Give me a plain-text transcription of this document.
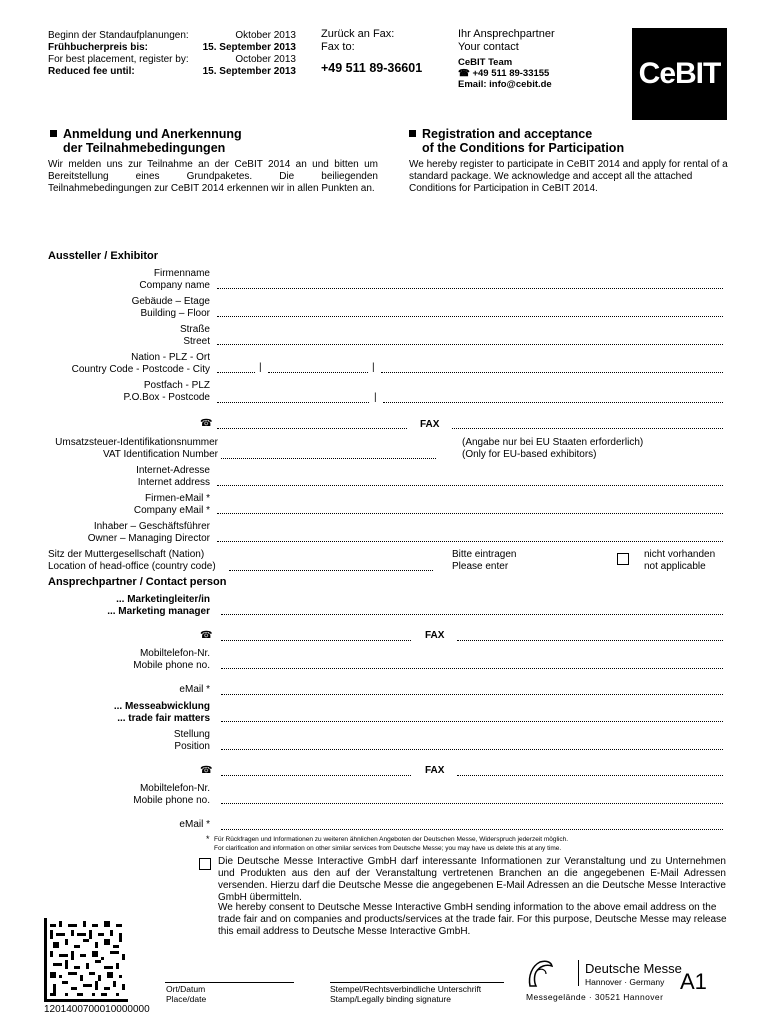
Beginn der Standaufplanungen:	Oktober 2013
Frühbucherpreis bis:	15. September 2013
For best placement, register by:	October 2013
Reduced fee until:	15. September 2013
Zurück an Fax:
Fax to:
+49 511 89-36601
Ihr Ansprechpartner
Your contact
CeBIT Team
☎ +49 511 89-33155
Email: info@cebit.de	CeBIT
Anmeldung und Anerkennung
der Teilnahmebedingungen
Wir melden uns zur Teilnahme an der CeBIT 2014 an und bitten um Bereitstellung eines Grundpaketes. Die beiliegenden Teilnahmebedingungen zur CeBIT 2014 erkennen wir in allen Punkten an.
Registration and acceptance
of the Conditions for Participation
We hereby register to participate in CeBIT 2014 and apply for rental of a standard package. We acknowledge and accept all the attached Conditions for Participation in CeBIT 2014.
Aussteller / Exhibitor
Firmenname
Company name
Gebäude – Etage
Building – Floor
Straße
Street
Nation - PLZ - Ort
Country Code - Postcode - City	|	|
Postfach - PLZ
P.O.Box - Postcode	|
☎	FAX
Umsatzsteuer-Identifikationsnummer
VAT Identification Number
(Angabe nur bei EU Staaten erforderlich)
(Only for EU-based exhibitors)
Internet-Adresse
Internet address
Firmen-eMail *
Company eMail *
Inhaber – Geschäftsführer
Owner – Managing Director
Sitz der Muttergesellschaft (Nation)
Location of head-office (country code)
Bitte eintragen
Please enter
nicht vorhanden
not applicable
Ansprechpartner / Contact person
... Marketingleiter/in
... Marketing manager
☎	FAX
Mobiltelefon-Nr.
Mobile phone no.
eMail *
... Messeabwicklung
... trade fair matters
Stellung
Position
☎	FAX
Mobiltelefon-Nr.
Mobile phone no.
eMail *
* Für Rückfragen und Informationen zu weiteren ähnlichen Angeboten der Deutschen Messe, Widerspruch jederzeit möglich.
For clarification and information on other similar services from Deutsche Messe; you may have us delete this at any time.
Die Deutsche Messe Interactive GmbH darf interessante Informationen zur Veranstaltung und zu Unternehmen und Produkten aus den auf der Veranstaltung vertretenen Branchen an die angegebenen E-Mail Adressen versenden. Hierzu darf die Deutsche Messe die angegebenen E-Mail Adressen an die Deutsche Messe Interactive GmbH übermitteln.
We hereby consent to Deutsche Messe Interactive GmbH sending information to the above email address on the trade fair and on companies and products/services at the trade fair. For this purpose, Deutsche Messe may release this email address to Deutsche Messe Interactive GmbH.
1201400700010000000
Ort/Datum
Place/date
Stempel/Rechtsverbindliche Unterschrift
Stamp/Legally binding signature
Deutsche Messe
Hannover · Germany
Messegelände · 30521 Hannover
A1
